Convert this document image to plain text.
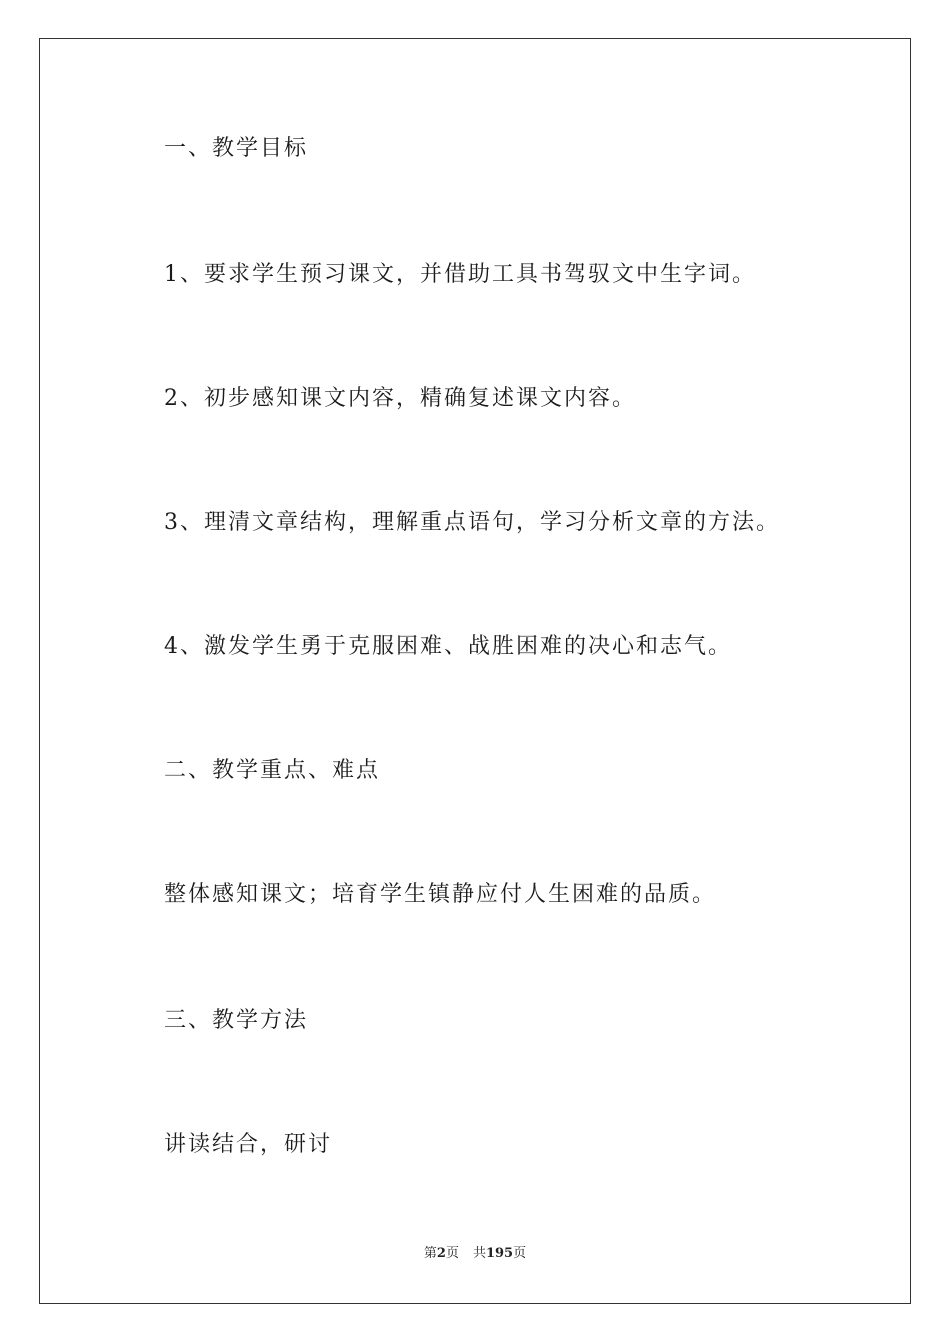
一、教学目标
1、要求学生预习课文，并借助工具书驾驭文中生字词。
2、初步感知课文内容，精确复述课文内容。
3、理清文章结构，理解重点语句，学习分析文章的方法。
4、激发学生勇于克服困难、战胜困难的决心和志气。
二、教学重点、难点
整体感知课文；培育学生镇静应付人生困难的品质。
三、教学方法
讲读结合，研讨
第2页 共195页
